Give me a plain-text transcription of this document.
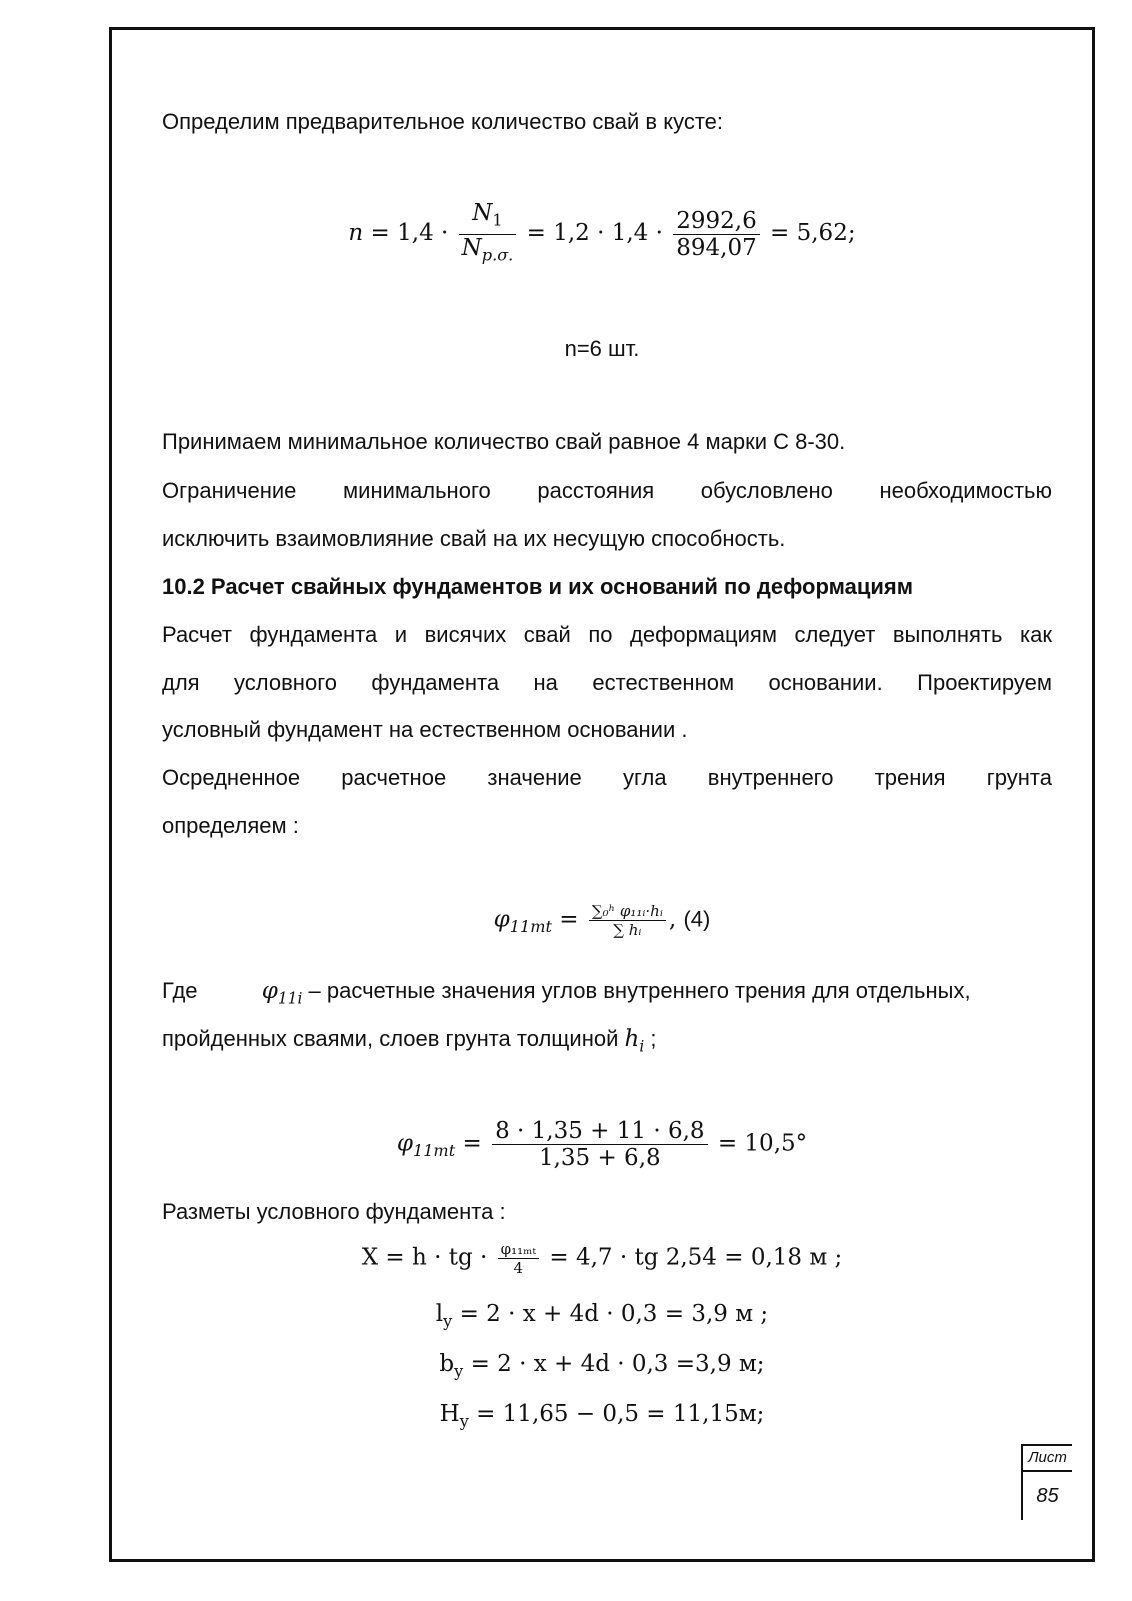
Определим предварительное количество свай в кусте:
$n = 1,4 \cdot \frac{N_1}{N_{р.\sigma.}} = 1,2 \cdot 1,4 \cdot \frac{2992,6}{894,07} = 5,62$;
n=6 шт.
Принимаем минимальное количество свай равное 4 марки С 8-30.
Ограничение минимального расстояния обусловлено необходимостью
исключить взаимовлияние свай на их несущую способность.
10.2 Расчет свайных фундаментов и их оснований по деформациям
Расчет фундамента и висячих свай по деформациям следует выполнять как
для условного фундамента на естественном основании. Проектируем
условный фундамент на естественном основании .
Осредненное расчетное значение угла внутреннего трения грунта
определяем :
$\varphi_{11mt} = \frac{\text{∑₀ʰ φ₁₁ᵢ·hᵢ}}{\text{∑ hᵢ}}$ , (4)
Где	$\varphi_{11i}$ – расчетные значения углов внутреннего трения для отдельных,
пройденных сваями, слоев грунта толщиной $h_i$ ;
$\varphi_{11mt} = \frac{8 \cdot 1,35 + 11 \cdot 6,8}{1,35 + 6,8} = 10,5^\circ$
Разметы условного фундамента :
X = h · tg · $\frac{\text{φ₁₁ₘₜ}}{4} = 4,7$ · tg 2,54 = 0,18 м ;
$l_y = 2 \cdot x + 4d \cdot 0,3 = 3,9$ м ;
$b_y = 2 \cdot x + 4d \cdot 0,3 =3,9$ м;
$H_y = 11,65 - 0,5 = 11,15м$;
Лист
85
